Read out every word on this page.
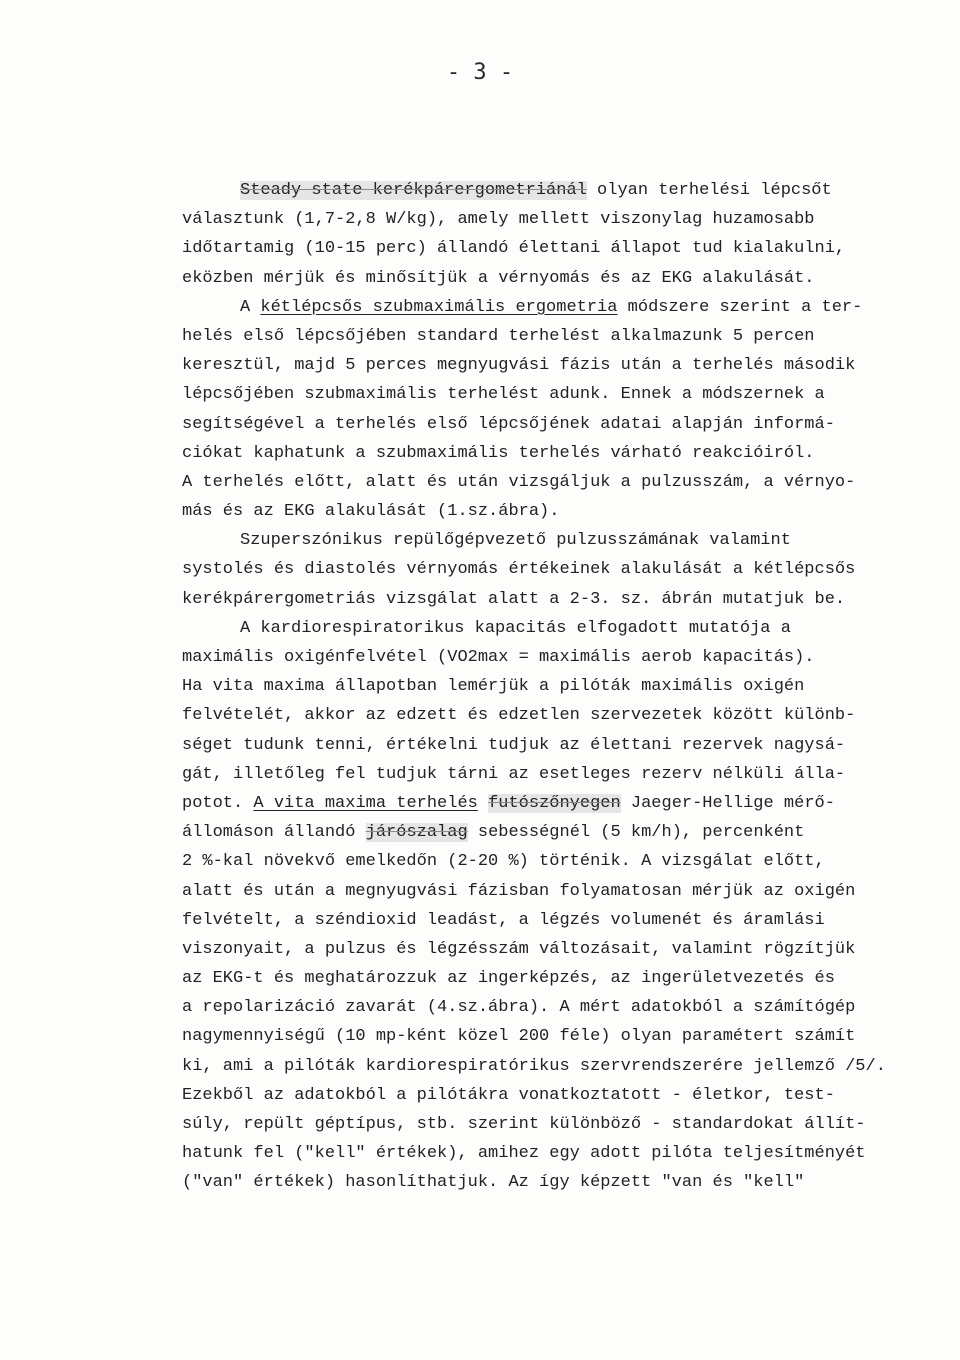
- 3 -
Steady state kerékpárergometriánál olyan terhelési lépcsőt
választunk (1,7-2,8 W/kg), amely mellett viszonylag huzamosabb
időtartamig (10-15 perc) állandó élettani állapot tud kialakulni,
eközben mérjük és minősítjük a vérnyomás és az EKG alakulását.
A kétlépcsős szubmaximális ergometria módszere szerint a ter-
helés első lépcsőjében standard terhelést alkalmazunk 5 percen
keresztül, majd 5 perces megnyugvási fázis után a terhelés második
lépcsőjében szubmaximális terhelést adunk. Ennek a módszernek a
segítségével a terhelés első lépcsőjének adatai alapján informá-
ciókat kaphatunk a szubmaximális terhelés várható reakcióiról.
A terhelés előtt, alatt és után vizsgáljuk a pulzusszám, a vérnyo-
más és az EKG alakulását (1.sz.ábra).
Szuperszónikus repülőgépvezető pulzusszámának valamint
systolés és diastolés vérnyomás értékeinek alakulását a kétlépcsős
kerékpárergometriás vizsgálat alatt a 2-3. sz. ábrán mutatjuk be.
A kardiorespiratorikus kapacitás elfogadott mutatója a
maximális oxigénfelvétel (VO2max = maximális aerob kapacitás).
Ha vita maxima állapotban lemérjük a pilóták maximális oxigén
felvételét, akkor az edzett és edzetlen szervezetek között különb-
séget tudunk tenni, értékelni tudjuk az élettani rezervek nagysá-
gát, illetőleg fel tudjuk tárni az esetleges rezerv nélküli álla-
potot. A vita maxima terhelés futószőnyegen Jaeger-Hellige mérő-
állomáson állandó járószalag sebességnél (5 km/h), percenként
2 %-kal növekvő emelkedőn (2-20 %) történik. A vizsgálat előtt,
alatt és után a megnyugvási fázisban folyamatosan mérjük az oxigén
felvételt, a széndioxid leadást, a légzés volumenét és áramlási
viszonyait, a pulzus és légzésszám változásait, valamint rögzítjük
az EKG-t és meghatározzuk az ingerképzés, az ingerületvezetés és
a repolarizáció zavarát (4.sz.ábra). A mért adatokból a számítógép
nagymennyiségű (10 mp-ként közel 200 féle) olyan paramétert számít
ki, ami a pilóták kardiorespiratórikus szervrendszerére jellemző /5/.
Ezekből az adatokból a pilótákra vonatkoztatott - életkor, test-
súly, repült géptípus, stb. szerint különböző - standardokat állít-
hatunk fel ("kell" értékek), amihez egy adott pilóta teljesítményét
("van" értékek) hasonlíthatjuk. Az így képzett "van és "kell"
